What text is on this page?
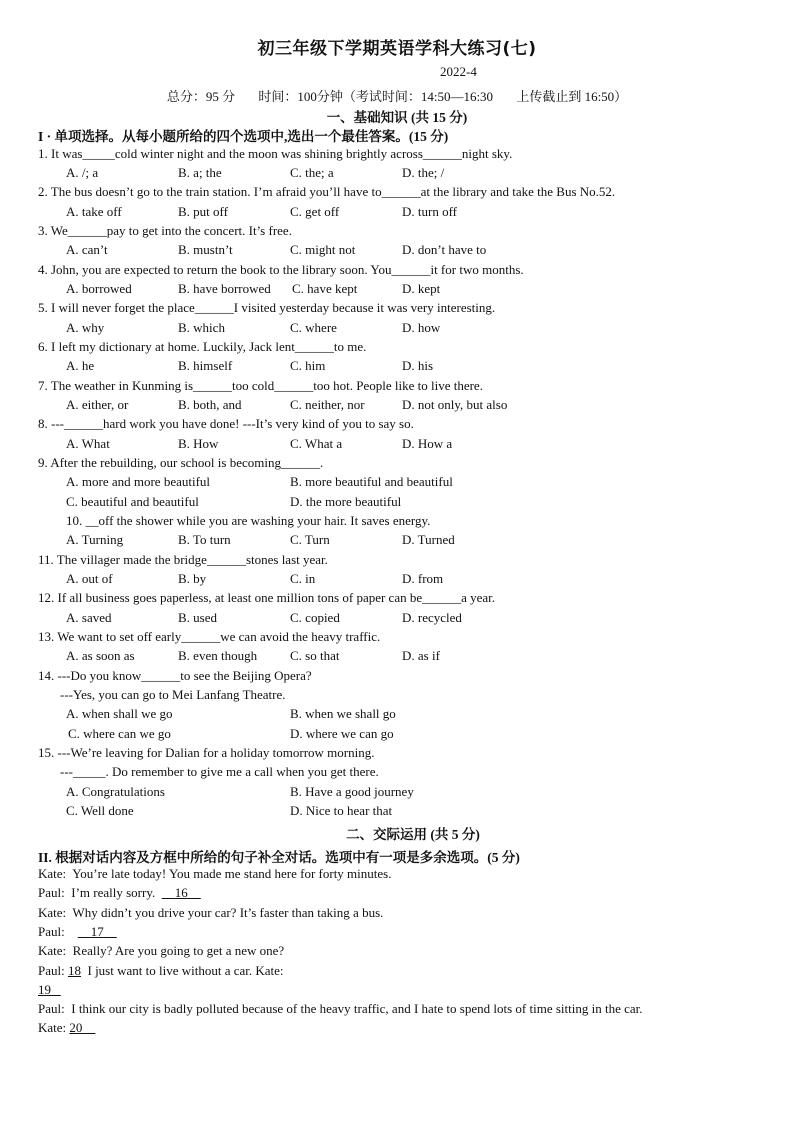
初三年级下学期英语学科大练习(七)
2022-4
总分：95 分 时间：100分钟（考试时间：14:50—16:30 上传截止到 16:50）
一、基础知识 (共 15 分)
I · 单项选择。从每小题所给的四个选项中,选出一个最佳答案。(15 分)
1. It was_____cold winter night and the moon was shining brightly across______night sky.
A. /; a	B. a; the	C. the; a	D. the; /
2. The bus doesn’t go to the train station. I’m afraid you’ll have to______at the library and take the Bus No.52.
A. take off	B. put off	C. get off	D. turn off
3. We______pay to get into the concert. It’s free.
A. can’t	B. mustn’t	C. might not	D. don’t have to
4. John, you are expected to return the book to the library soon. You______it for two months.
A. borrowed	B. have borrowed C. have kept	D. kept
5. I will never forget the place______I visited yesterday because it was very interesting.
A. why	B. which	C. where	D. how
6. I left my dictionary at home. Luckily, Jack lent______to me.
A. he	B. himself	C. him	D. his
7. The weather in Kunming is______too cold______too hot. People like to live there.
A. either, or	B. both, and	C. neither, nor	D. not only, but also
8. ---______hard work you have done! ---It’s very kind of you to say so.
A. What	B. How	C. What a	D. How a
9. After the rebuilding, our school is becoming______.
A. more and more beautiful	B. more beautiful and beautiful
C. beautiful and beautiful	D. the more beautiful
10. __off the shower while you are washing your hair. It saves energy.
A. Turning	B. To turn	C. Turn	D. Turned
11. The villager made the bridge______stones last year.
A. out of	B. by	C. in	D. from
12. If all business goes paperless, at least one million tons of paper can be______a year.
A. saved	B. used	C. copied	D. recycled
13. We want to set off early______we can avoid the heavy traffic.
A. as soon as	B. even though	C. so that	D. as if
14. ---Do you know______to see the Beijing Opera?
---Yes, you can go to Mei Lanfang Theatre.
A. when shall we go	B. when we shall go
C. where can we go	D. where we can go
15. ---We’re leaving for Dalian for a holiday tomorrow morning.
---_____. Do remember to give me a call when you get there.
A. Congratulations	B. Have a good journey
C. Well done	D. Nice to hear that
二、交际运用 (共 5 分)
II. 根据对话内容及方框中所给的句子补全对话。选项中有一项是多余选项。(5 分)
Kate: You’re late today! You made me stand here for forty minutes.
Paul: I’m really sorry. 16
Kate: Why didn’t you drive your car? It’s faster than taking a bus.
Paul: 17
Kate: Really? Are you going to get a new one?
Paul: 18 I just want to live without a car. Kate:
19
Paul: I think our city is badly polluted because of the heavy traffic, and I hate to spend lots of time sitting in the car.
Kate: 20
